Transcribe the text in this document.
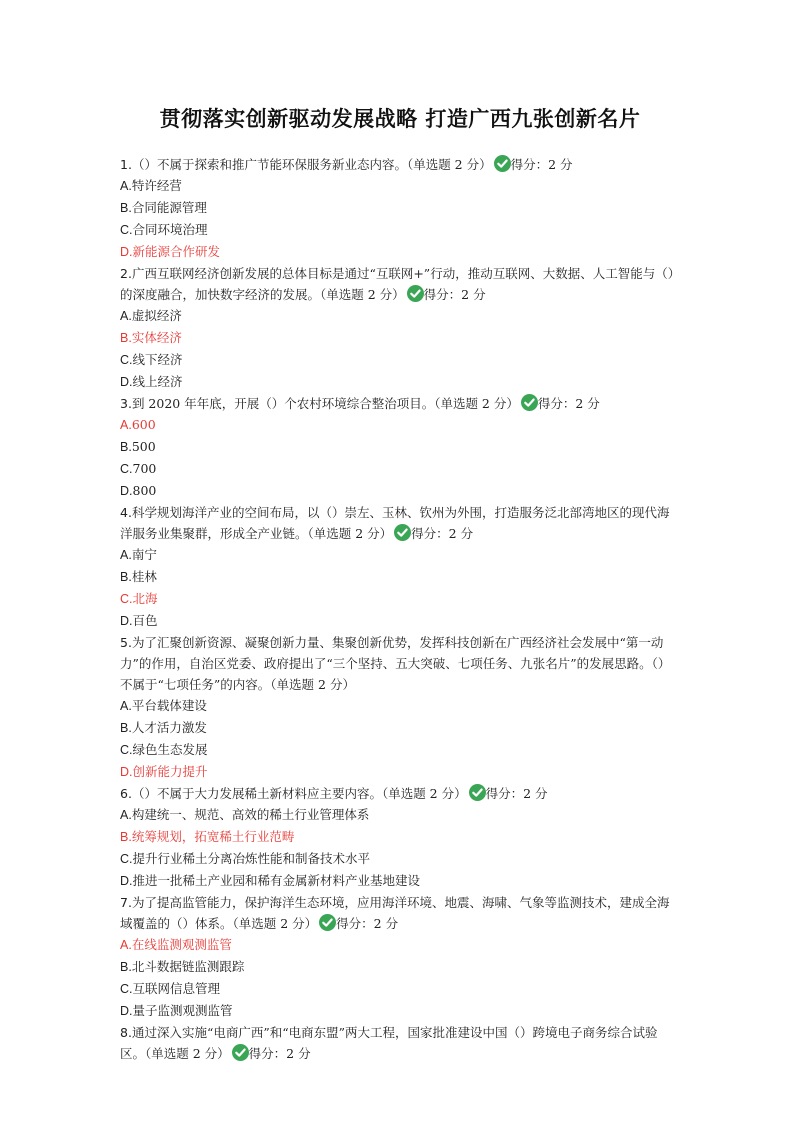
贯彻落实创新驱动发展战略 打造广西九张创新名片
1.（）不属于探索和推广节能环保服务新业态内容。（单选题 2 分） 得分：2 分
A.特许经营
B.合同能源管理
C.合同环境治理
D.新能源合作研发
2.广西互联网经济创新发展的总体目标是通过“互联网+”行动，推动互联网、大数据、人工智能与（）的深度融合，加快数字经济的发展。（单选题 2 分） 得分：2 分
A.虚拟经济
B.实体经济
C.线下经济
D.线上经济
3.到 2020 年年底，开展（）个农村环境综合整治项目。（单选题 2 分） 得分：2 分
A.600
B.500
C.700
D.800
4.科学规划海洋产业的空间布局，以（）崇左、玉林、钦州为外围，打造服务泛北部湾地区的现代海洋服务业集聚群，形成全产业链。（单选题 2 分） 得分：2 分
A.南宁
B.桂林
C.北海
D.百色
5.为了汇聚创新资源、凝聚创新力量、集聚创新优势，发挥科技创新在广西经济社会发展中“第一动力”的作用，自治区党委、政府提出了“三个坚持、五大突破、七项任务、九张名片”的发展思路。（）不属于“七项任务”的内容。（单选题 2 分）
A.平台载体建设
B.人才活力激发
C.绿色生态发展
D.创新能力提升
6.（）不属于大力发展稀土新材料应主要内容。（单选题 2 分） 得分：2 分
A.构建统一、规范、高效的稀土行业管理体系
B.统筹规划，拓宽稀土行业范畴
C.提升行业稀土分离冶炼性能和制备技术水平
D.推进一批稀土产业园和稀有金属新材料产业基地建设
7.为了提高监管能力，保护海洋生态环境，应用海洋环境、地震、海啸、气象等监测技术，建成全海域覆盖的（）体系。（单选题 2 分） 得分：2 分
A.在线监测观测监管
B.北斗数据链监测跟踪
C.互联网信息管理
D.量子监测观测监管
8.通过深入实施“电商广西”和“电商东盟”两大工程，国家批准建设中国（）跨境电子商务综合试验区。（单选题 2 分） 得分：2 分
